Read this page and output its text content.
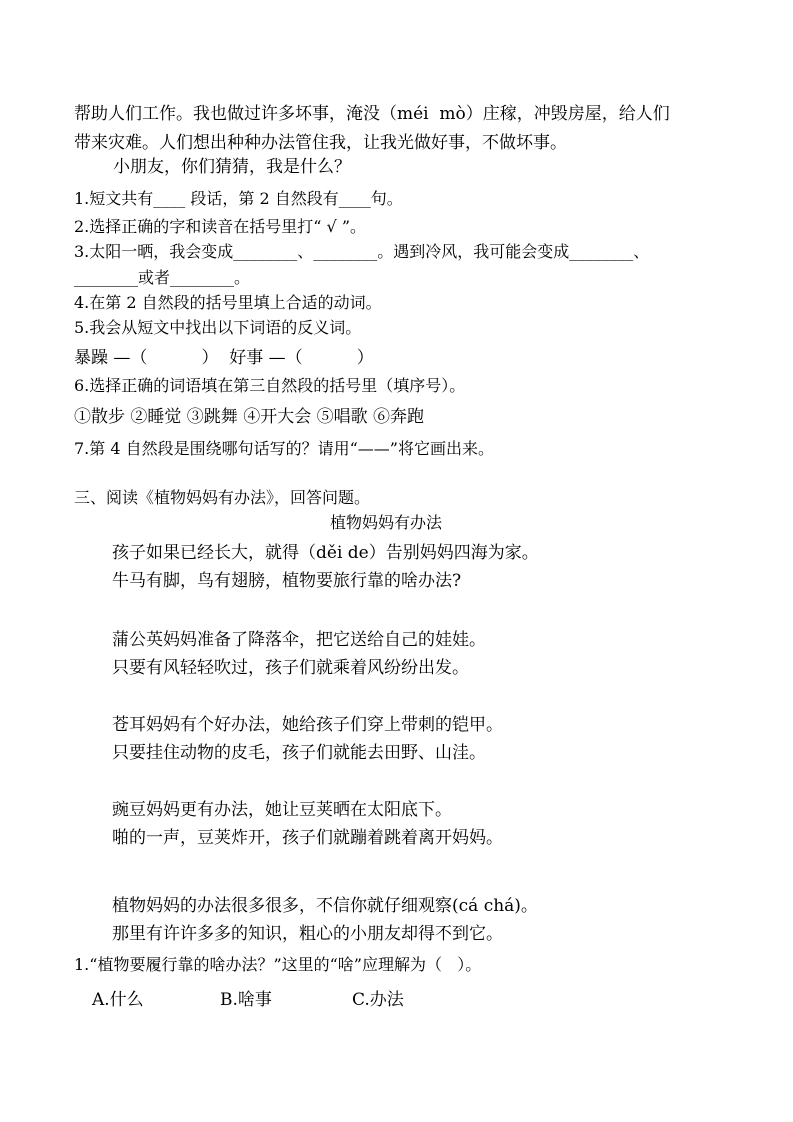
帮助人们工作。我也做过许多坏事，淹没（méi  mò）庄稼，冲毁房屋，给人们
带来灾难。人们想出种种办法管住我，让我光做好事，不做坏事。
小朋友，你们猜猜，我是什么？
1.短文共有____ 段话，第 2 自然段有____句。
2.选择正确的字和读音在括号里打“ √ ”。
3.太阳一晒，我会变成________、________。遇到冷风，我可能会变成________、
________或者________。
4.在第 2 自然段的括号里填上合适的动词。
5.我会从短文中找出以下词语的反义词。
暴躁 —（          ）  好事 —（          ）
6.选择正确的词语填在第三自然段的括号里（填序号）。
①散步 ②睡觉 ③跳舞 ④开大会 ⑤唱歌 ⑥奔跑
7.第 4 自然段是围绕哪句话写的？请用“——”将它画出来。
三、阅读《植物妈妈有办法》，回答问题。
植物妈妈有办法
孩子如果已经长大，就得（děi de）告别妈妈四海为家。
牛马有脚，鸟有翅膀，植物要旅行靠的啥办法?
蒲公英妈妈准备了降落伞，把它送给自己的娃娃。
只要有风轻轻吹过，孩子们就乘着风纷纷出发。
苍耳妈妈有个好办法，她给孩子们穿上带刺的铠甲。
只要挂住动物的皮毛，孩子们就能去田野、山洼。
豌豆妈妈更有办法，她让豆荚晒在太阳底下。
啪的一声，豆荚炸开，孩子们就蹦着跳着离开妈妈。
植物妈妈的办法很多很多，不信你就仔细观察(cá chá)。
那里有许许多多的知识，粗心的小朋友却得不到它。
1.“植物要履行靠的啥办法？”这里的“啥”应理解为（   ）。
A.什么	B.啥事	C.办法
